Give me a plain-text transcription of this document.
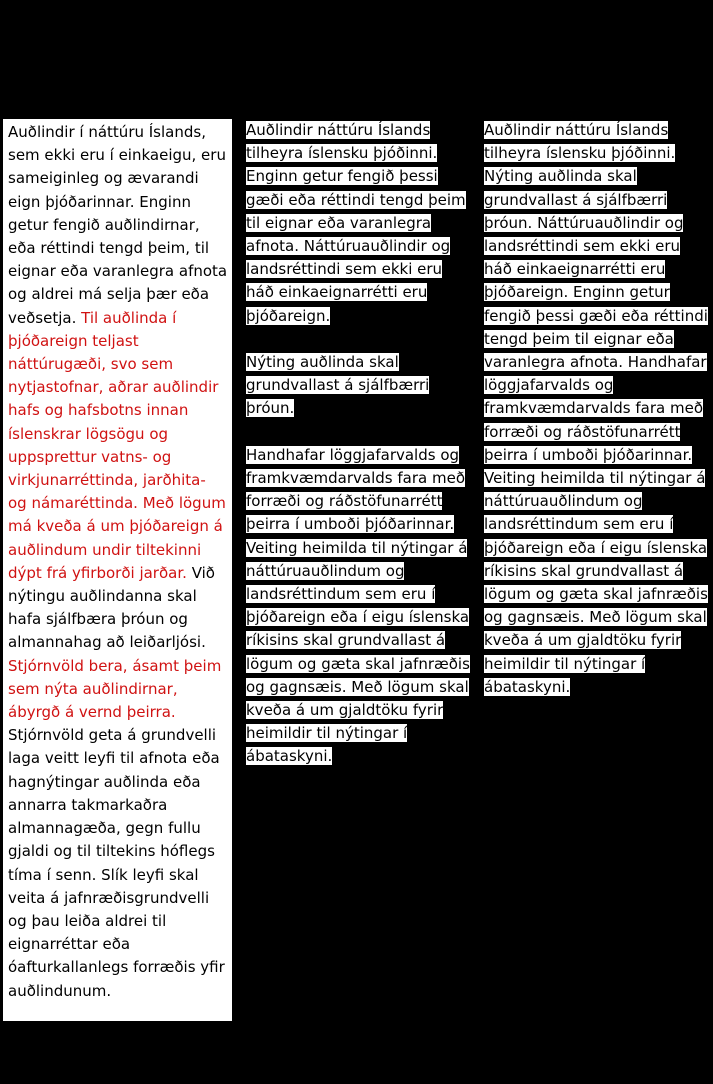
Auðlindir í náttúru Íslands, sem ekki eru í einkaeigu, eru sameiginleg og ævarandi eign þjóðarinnar. Enginn getur fengið auðlindirnar, eða réttindi tengd þeim, til eignar eða varanlegra afnota og aldrei má selja þær eða veðsetja. Til auðlinda í þjóðareign teljast náttúrugæði, svo sem nytjastofnar, aðrar auðlindir hafs og hafsbotns innan íslenskrar lögsögu og uppsprettur vatns- og virkjunarréttinda, jarðhita- og námaréttinda. Með lögum má kveða á um þjóðareign á auðlindum undir tiltekinni dýpt frá yfirborði jarðar. Við nýtingu auðlindanna skal hafa sjálfbæra þróun og almannahag að leiðarljósi. Stjórnvöld bera, ásamt þeim sem nýta auðlindirnar, ábyrgð á vernd þeirra. Stjórnvöld geta á grundvelli laga veitt leyfi til afnota eða hagnýtingar auðlinda eða annarra takmarkaðra almannagæða, gegn fullu gjaldi og til tiltekins hóflegs tíma í senn. Slík leyfi skal veita á jafnræðisgrundvelli og þau leiða aldrei til eignarréttar eða óafturkallanlegs forræðis yfir auðlindunum.

Auðlindir náttúru Íslands tilheyra íslensku þjóðinni. Enginn getur fengið þessi gæði eða réttindi tengd þeim til eignar eða varanlegra afnota. Náttúruauðlindir og landsréttindi sem ekki eru háð einkaeignarrétti eru þjóðareign.

Nýting auðlinda skal grundvallast á sjálfbærri þróun.

Handhafar löggjafarvalds og framkvæmdarvalds fara með forræði og ráðstöfunarrétt þeirra í umboði þjóðarinnar. Veiting heimilda til nýtingar á náttúruauðlindum og landsréttindum sem eru í þjóðareign eða í eigu íslenska ríkisins skal grundvallast á lögum og gæta skal jafnræðis og gagnsæis. Með lögum skal kveða á um gjaldtöku fyrir heimildir til nýtingar í ábataskyni.

Auðlindir náttúru Íslands tilheyra íslensku þjóðinni. Nýting auðlinda skal grundvallast á sjálfbærri þróun. Náttúruauðlindir og landsréttindi sem ekki eru háð einkaeignarrétti eru þjóðareign. Enginn getur fengið þessi gæði eða réttindi tengd þeim til eignar eða varanlegra afnota. Handhafar löggjafarvalds og framkvæmdarvalds fara með forræði og ráðstöfunarrétt þeirra í umboði þjóðarinnar. Veiting heimilda til nýtingar á náttúruauðlindum og landsréttindum sem eru í þjóðareign eða í eigu íslenska ríkisins skal grundvallast á lögum og gæta skal jafnræðis og gagnsæis. Með lögum skal kveða á um gjaldtöku fyrir heimildir til nýtingar í ábataskyni.
